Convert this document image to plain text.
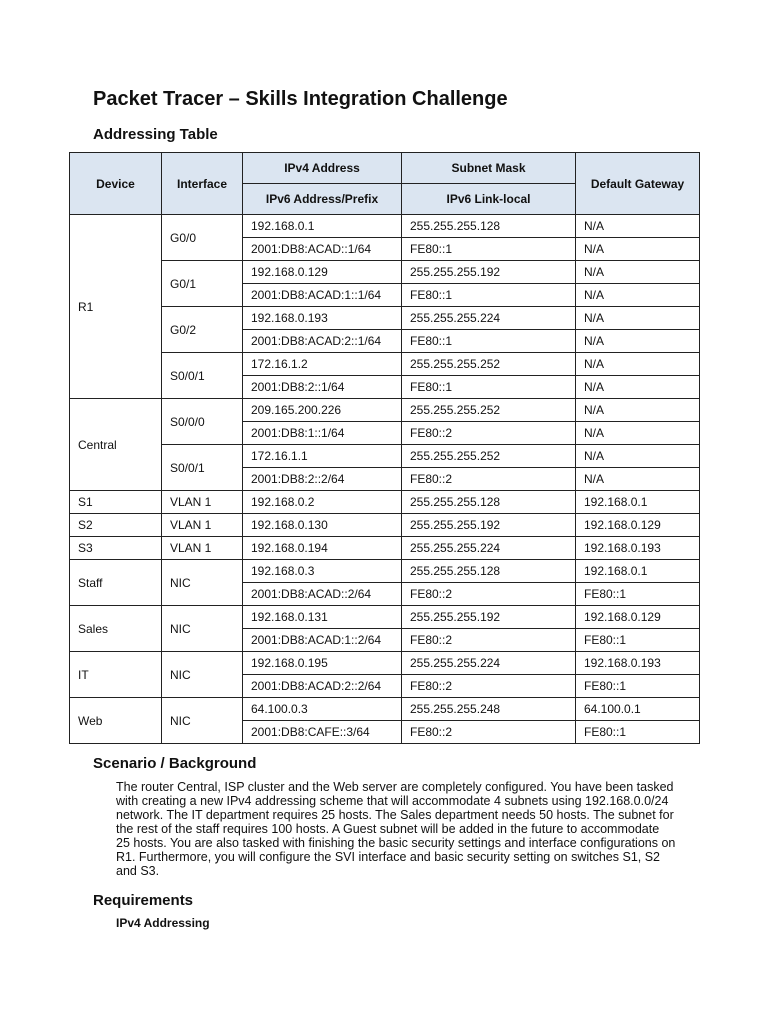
Packet Tracer – Skills Integration Challenge
Addressing Table
Device	Interface	IPv4 Address	Subnet Mask	Default Gateway
		IPv6 Address/Prefix	IPv6 Link-local	
R1	G0/0	192.168.0.1	255.255.255.128	N/A
		2001:DB8:ACAD::1/64	FE80::1	N/A
	G0/1	192.168.0.129	255.255.255.192	N/A
		2001:DB8:ACAD:1::1/64	FE80::1	N/A
	G0/2	192.168.0.193	255.255.255.224	N/A
		2001:DB8:ACAD:2::1/64	FE80::1	N/A
	S0/0/1	172.16.1.2	255.255.255.252	N/A
		2001:DB8:2::1/64	FE80::1	N/A
Central	S0/0/0	209.165.200.226	255.255.255.252	N/A
		2001:DB8:1::1/64	FE80::2	N/A
	S0/0/1	172.16.1.1	255.255.255.252	N/A
		2001:DB8:2::2/64	FE80::2	N/A
S1	VLAN 1	192.168.0.2	255.255.255.128	192.168.0.1
S2	VLAN 1	192.168.0.130	255.255.255.192	192.168.0.129
S3	VLAN 1	192.168.0.194	255.255.255.224	192.168.0.193
Staff	NIC	192.168.0.3	255.255.255.128	192.168.0.1
		2001:DB8:ACAD::2/64	FE80::2	FE80::1
Sales	NIC	192.168.0.131	255.255.255.192	192.168.0.129
		2001:DB8:ACAD:1::2/64	FE80::2	FE80::1
IT	NIC	192.168.0.195	255.255.255.224	192.168.0.193
		2001:DB8:ACAD:2::2/64	FE80::2	FE80::1
Web	NIC	64.100.0.3	255.255.255.248	64.100.0.1
		2001:DB8:CAFE::3/64	FE80::2	FE80::1
Scenario / Background

The router Central, ISP cluster and the Web server are completely configured. You have been tasked with creating a new IPv4 addressing scheme that will accommodate 4 subnets using 192.168.0.0/24 network. The IT department requires 25 hosts. The Sales department needs 50 hosts. The subnet for the rest of the staff requires 100 hosts. A Guest subnet will be added in the future to accommodate 25 hosts. You are also tasked with finishing the basic security settings and interface configurations on R1. Furthermore, you will configure the SVI interface and basic security setting on switches S1, S2 and S3.

Requirements
IPv4 Addressing
